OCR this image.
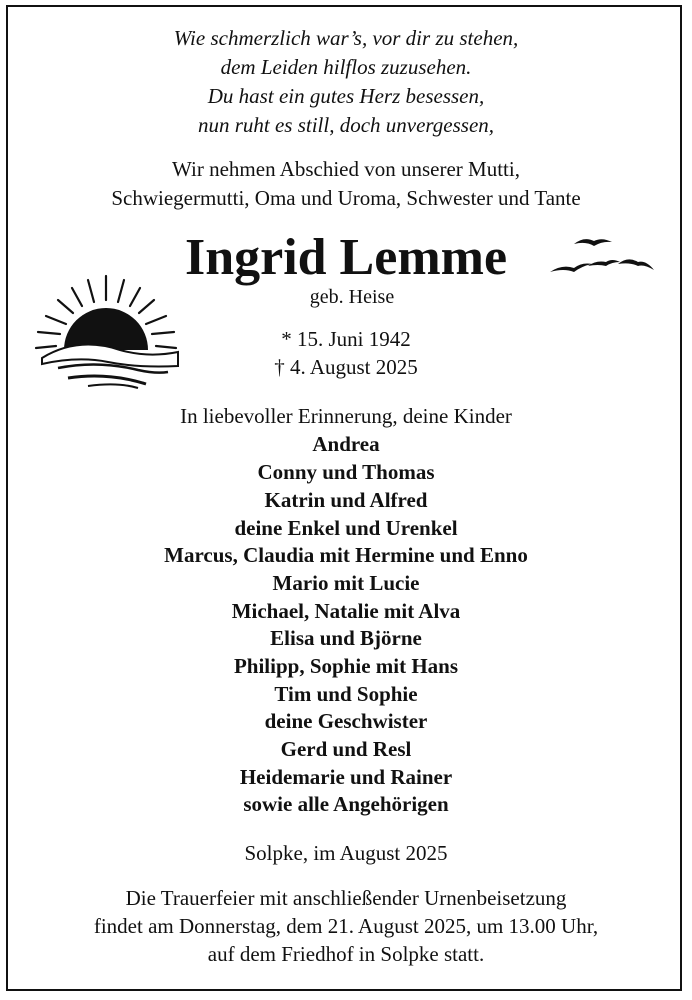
Wie schmerzlich war’s, vor dir zu stehen,
dem Leiden hilflos zuzusehen.
Du hast ein gutes Herz besessen,
nun ruht es still, doch unvergessen,
Wir nehmen Abschied von unserer Mutti,
Schwiegermutti, Oma und Uroma, Schwester und Tante
Ingrid Lemme
geb. Heise
* 15. Juni 1942
† 4. August 2025
In liebevoller Erinnerung, deine Kinder
Andrea
Conny und Thomas
Katrin und Alfred
deine Enkel und Urenkel
Marcus, Claudia mit Hermine und Enno
Mario mit Lucie
Michael, Natalie mit Alva
Elisa und Björne
Philipp, Sophie mit Hans
Tim und Sophie
deine Geschwister
Gerd und Resl
Heidemarie und Rainer
sowie alle Angehörigen
Solpke, im August 2025
Die Trauerfeier mit anschließender Urnenbeisetzung
findet am Donnerstag, dem 21. August 2025, um 13.00 Uhr,
auf dem Friedhof in Solpke statt.
